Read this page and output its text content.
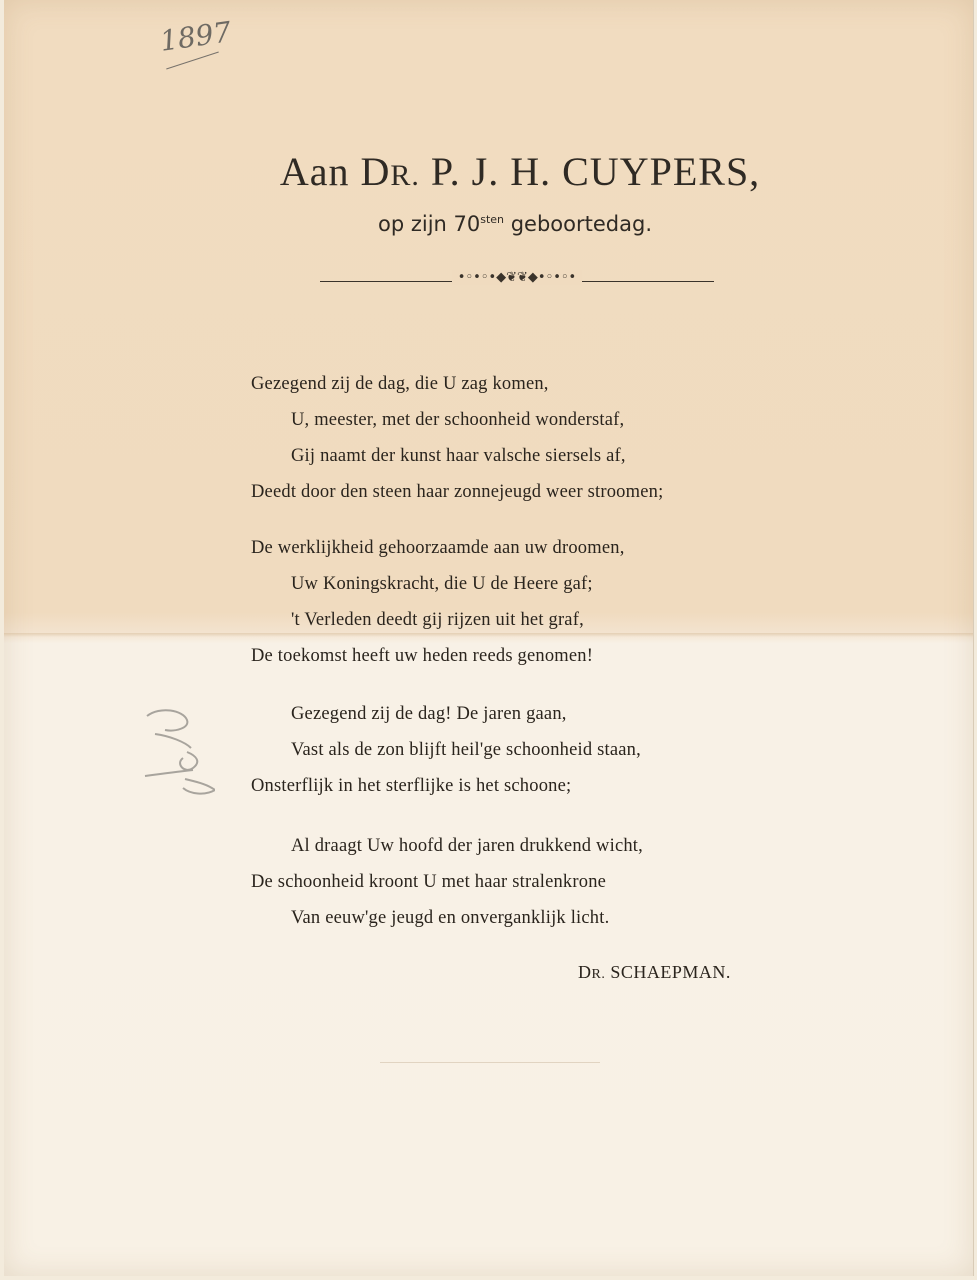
1897
Aan DR. P. J. H. CUYPERS,
op zijn $70^{sten}$ geboortedag.
•◦•◦•◆❦❦◆•◦•◦•
Gezegend zij de dag, die U zag komen,
U, meester, met der schoonheid wonderstaf,
Gij naamt der kunst haar valsche siersels af,
Deedt door den steen haar zonnejeugd weer stroomen;
De werklijkheid gehoorzaamde aan uw droomen,
Uw Koningskracht, die U de Heere gaf;
't Verleden deedt gij rijzen uit het graf,
De toekomst heeft uw heden reeds genomen!
Gezegend zij de dag! De jaren gaan,
Vast als de zon blijft heil'ge schoonheid staan,
Onsterflijk in het sterflijke is het schoone;
Al draagt Uw hoofd der jaren drukkend wicht,
De schoonheid kroont U met haar stralenkrone
Van eeuw'ge jeugd en onverganklijk licht.
DR. SCHAEPMAN.
